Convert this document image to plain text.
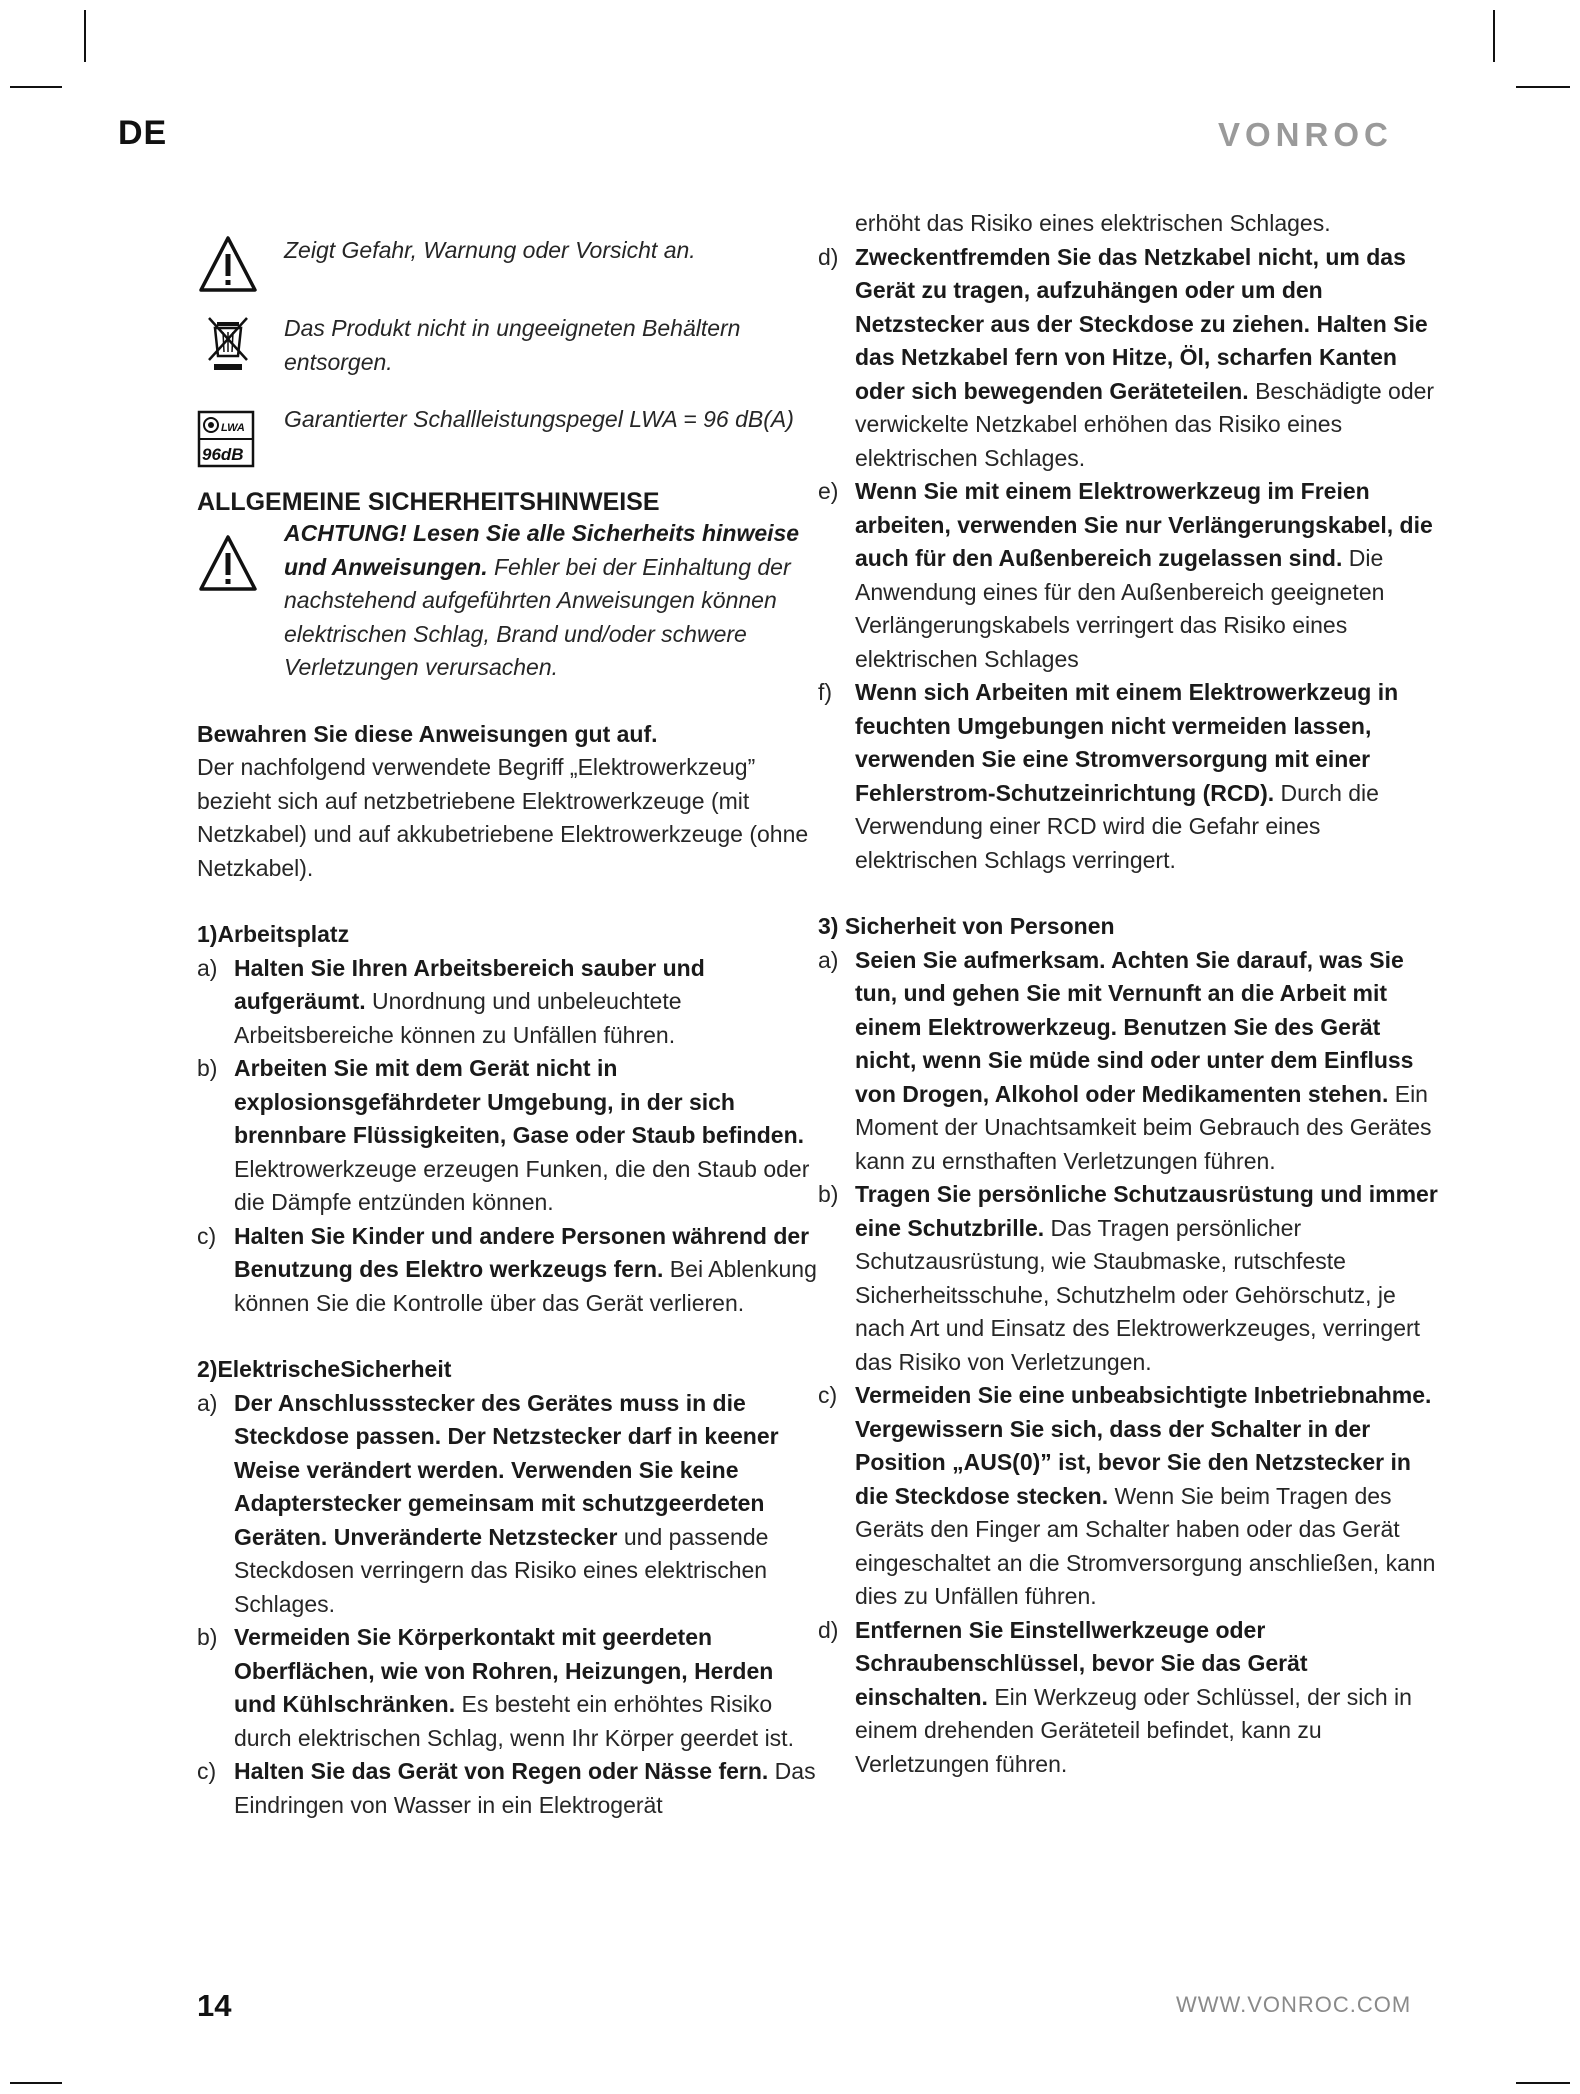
DE	VONROC

Zeigt Gefahr, Warnung oder Vorsicht an.

Das Produkt nicht in ungeeigneten Behältern entsorgen.

LWA
96dB

Garantierter Schallleistungspegel LWA = 96 dB(A)

ALLGEMEINE SICHERHEITSHINWEISE

ACHTUNG! Lesen Sie alle Sicherheits hinweise und Anweisungen. Fehler bei der Einhaltung der nachstehend aufgeführten Anweisungen können elektrischen Schlag, Brand und/oder schwere Verletzungen verursachen.

Bewahren Sie diese Anweisungen gut auf.

Der nachfolgend verwendete Begriff „Elektrowerkzeug” bezieht sich auf netzbetriebene Elektrowerkzeuge (mit Netzkabel) und auf akkubetriebene Elektrowerkzeuge (ohne Netzkabel).

1)Arbeitsplatz

a) Halten Sie Ihren Arbeitsbereich sauber und aufgeräumt. Unordnung und unbeleuchtete Arbeitsbereiche können zu Unfällen führen.
b) Arbeiten Sie mit dem Gerät nicht in explosionsgefährdeter Umgebung, in der sich brennbare Flüssigkeiten, Gase oder Staub befinden. Elektrowerkzeuge erzeugen Funken, die den Staub oder die Dämpfe entzünden können.
c) Halten Sie Kinder und andere Personen während der Benutzung des Elektro werkzeugs fern. Bei Ablenkung können Sie die Kontrolle über das Gerät verlieren.

2)ElektrischeSicherheit

a) Der Anschlussstecker des Gerätes muss in die Steckdose passen. Der Netzstecker darf in keener Weise verändert werden. Verwenden Sie keine Adapterstecker gemeinsam mit schutzgeerdeten Geräten. Unveränderte Netzstecker und passende Steckdosen verringern das Risiko eines elektrischen Schlages.
b) Vermeiden Sie Körperkontakt mit geerdeten Oberflächen, wie von Rohren, Heizungen, Herden und Kühlschränken. Es besteht ein erhöhtes Risiko durch elektrischen Schlag, wenn Ihr Körper geerdet ist.
c) Halten Sie das Gerät von Regen oder Nässe fern. Das Eindringen von Wasser in ein Elektrogerät
erhöht das Risiko eines elektrischen Schlages.
d) Zweckentfremden Sie das Netzkabel nicht, um das Gerät zu tragen, aufzuhängen oder um den Netzstecker aus der Steckdose zu ziehen. Halten Sie das Netzkabel fern von Hitze, Öl, scharfen Kanten oder sich bewegenden Geräteteilen. Beschädigte oder verwickelte Netzkabel erhöhen das Risiko eines elektrischen Schlages.
e) Wenn Sie mit einem Elektrowerkzeug im Freien arbeiten, verwenden Sie nur Verlängerungskabel, die auch für den Außenbereich zugelassen sind. Die Anwendung eines für den Außenbereich geeigneten Verlängerungskabels verringert das Risiko eines elektrischen Schlages
f) Wenn sich Arbeiten mit einem Elektrowerkzeug in feuchten Umgebungen nicht vermeiden lassen, verwenden Sie eine Stromversorgung mit einer Fehlerstrom-Schutzeinrichtung (RCD). Durch die Verwendung einer RCD wird die Gefahr eines elektrischen Schlags verringert.

3) Sicherheit von Personen

a) Seien Sie aufmerksam. Achten Sie darauf, was Sie tun, und gehen Sie mit Vernunft an die Arbeit mit einem Elektrowerkzeug. Benutzen Sie des Gerät nicht, wenn Sie müde sind oder unter dem Einfluss von Drogen, Alkohol oder Medikamenten stehen. Ein Moment der Unachtsamkeit beim Gebrauch des Gerätes kann zu ernsthaften Verletzungen führen.
b) Tragen Sie persönliche Schutzausrüstung und immer eine Schutzbrille. Das Tragen persönlicher Schutzausrüstung, wie Staubmaske, rutschfeste Sicherheitsschuhe, Schutzhelm oder Gehörschutz, je nach Art und Einsatz des Elektrowerkzeuges, verringert das Risiko von Verletzungen.
c) Vermeiden Sie eine unbeabsichtigte Inbetriebnahme. Vergewissern Sie sich, dass der Schalter in der Position „AUS(0)” ist, bevor Sie den Netzstecker in die Steckdose stecken. Wenn Sie beim Tragen des Geräts den Finger am Schalter haben oder das Gerät eingeschaltet an die Stromversorgung anschließen, kann dies zu Unfällen führen.
d) Entfernen Sie Einstellwerkzeuge oder Schraubenschlüssel, bevor Sie das Gerät einschalten. Ein Werkzeug oder Schlüssel, der sich in einem drehenden Geräteteil befindet, kann zu Verletzungen führen.
14	WWW.VONROC.COM
